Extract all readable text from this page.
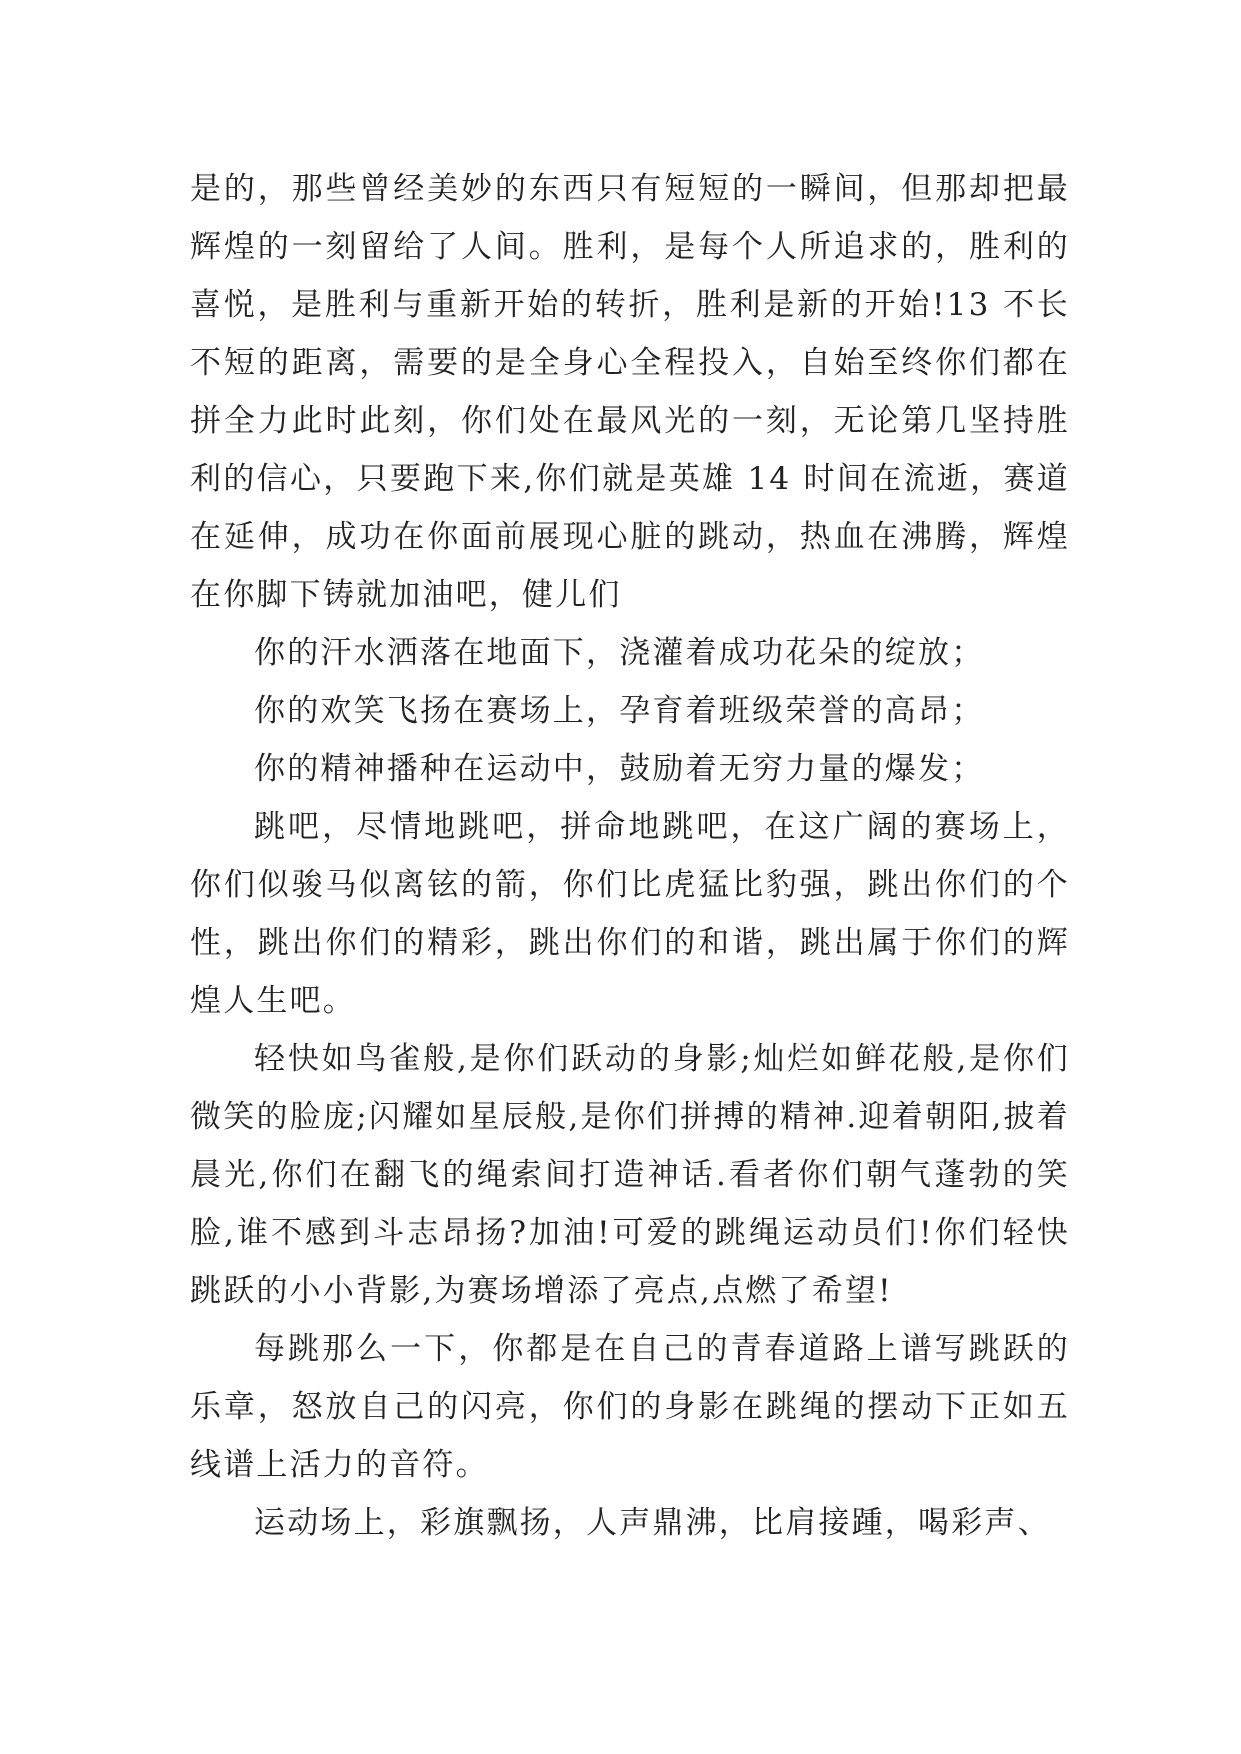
是的，那些曾经美妙的东西只有短短的一瞬间，但那却把最辉煌的一刻留给了人间。胜利，是每个人所追求的，胜利的喜悦，是胜利与重新开始的转折，胜利是新的开始!13 不长不短的距离，需要的是全身心全程投入，自始至终你们都在拼全力此时此刻，你们处在最风光的一刻，无论第几坚持胜利的信心，只要跑下来,你们就是英雄 14 时间在流逝，赛道在延伸，成功在你面前展现心脏的跳动，热血在沸腾，辉煌在你脚下铸就加油吧，健儿们

你的汗水洒落在地面下，浇灌着成功花朵的绽放；

你的欢笑飞扬在赛场上，孕育着班级荣誉的高昂；

你的精神播种在运动中，鼓励着无穷力量的爆发；

跳吧，尽情地跳吧，拼命地跳吧，在这广阔的赛场上，你们似骏马似离铉的箭，你们比虎猛比豹强，跳出你们的个性，跳出你们的精彩，跳出你们的和谐，跳出属于你们的辉煌人生吧。

轻快如鸟雀般,是你们跃动的身影;灿烂如鲜花般,是你们微笑的脸庞;闪耀如星辰般,是你们拼搏的精神.迎着朝阳,披着晨光,你们在翻飞的绳索间打造神话.看者你们朝气蓬勃的笑脸,谁不感到斗志昂扬?加油!可爱的跳绳运动员们!你们轻快跳跃的小小背影,为赛场增添了亮点,点燃了希望!

每跳那么一下，你都是在自己的青春道路上谱写跳跃的乐章，怒放自己的闪亮，你们的身影在跳绳的摆动下正如五线谱上活力的音符。

运动场上，彩旗飘扬，人声鼎沸，比肩接踵，喝彩声、
